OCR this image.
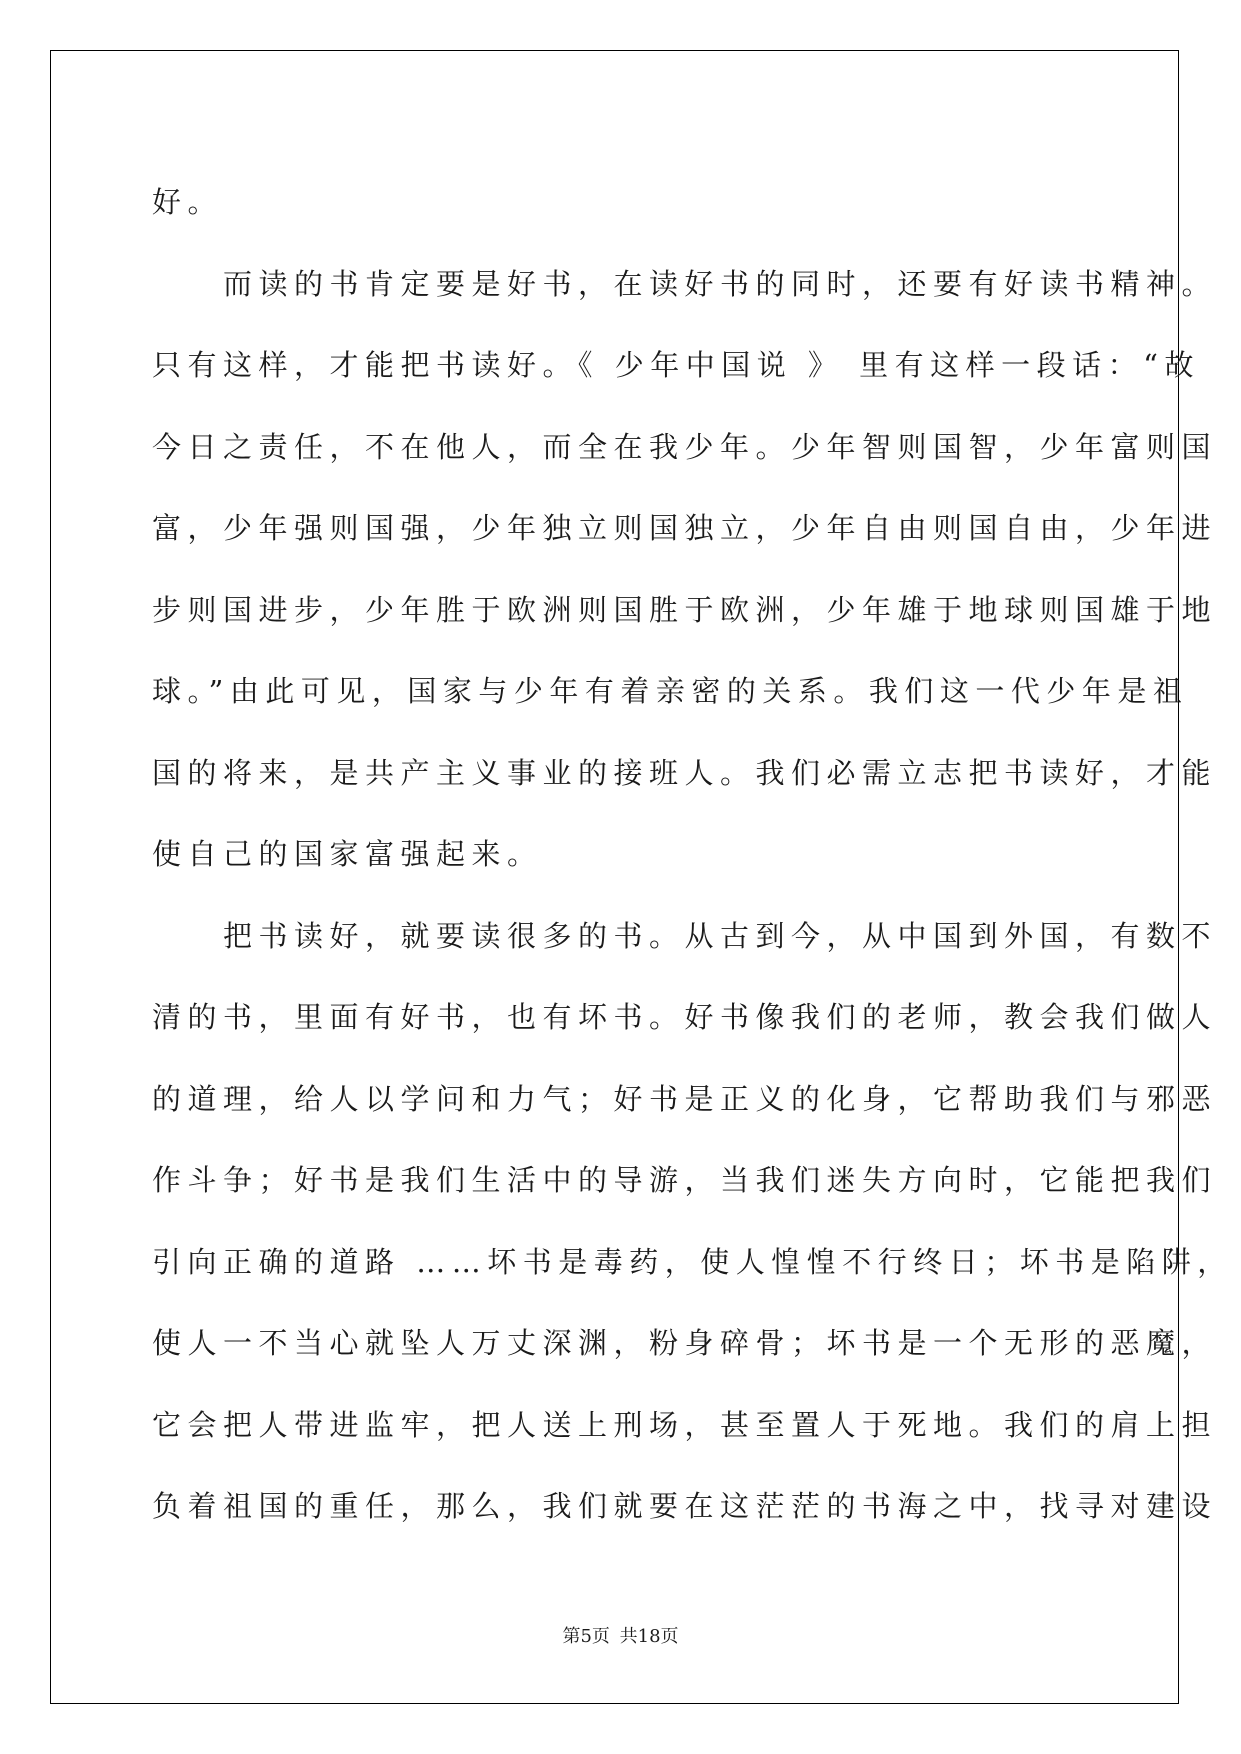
好。
　　而读的书肯定要是好书，在读好书的同时，还要有好读书精神。
只有这样，才能把书读好。《 少年中国说 》 里有这样一段话：“故
今日之责任，不在他人，而全在我少年。少年智则国智，少年富则国
富，少年强则国强，少年独立则国独立，少年自由则国自由，少年进
步则国进步，少年胜于欧洲则国胜于欧洲，少年雄于地球则国雄于地
球。”由此可见，国家与少年有着亲密的关系。我们这一代少年是祖
国的将来，是共产主义事业的接班人。我们必需立志把书读好，才能
使自己的国家富强起来。
　　把书读好，就要读很多的书。从古到今，从中国到外国，有数不
清的书，里面有好书，也有坏书。好书像我们的老师，教会我们做人
的道理，给人以学问和力气；好书是正义的化身，它帮助我们与邪恶
作斗争；好书是我们生活中的导游，当我们迷失方向时，它能把我们
引向正确的道路 ……坏书是毒药，使人惶惶不行终日；坏书是陷阱，
使人一不当心就坠人万丈深渊，粉身碎骨；坏书是一个无形的恶魔，
它会把人带进监牢，把人送上刑场，甚至置人于死地。我们的肩上担
负着祖国的重任，那么，我们就要在这茫茫的书海之中，找寻对建设
第5页 共18页
